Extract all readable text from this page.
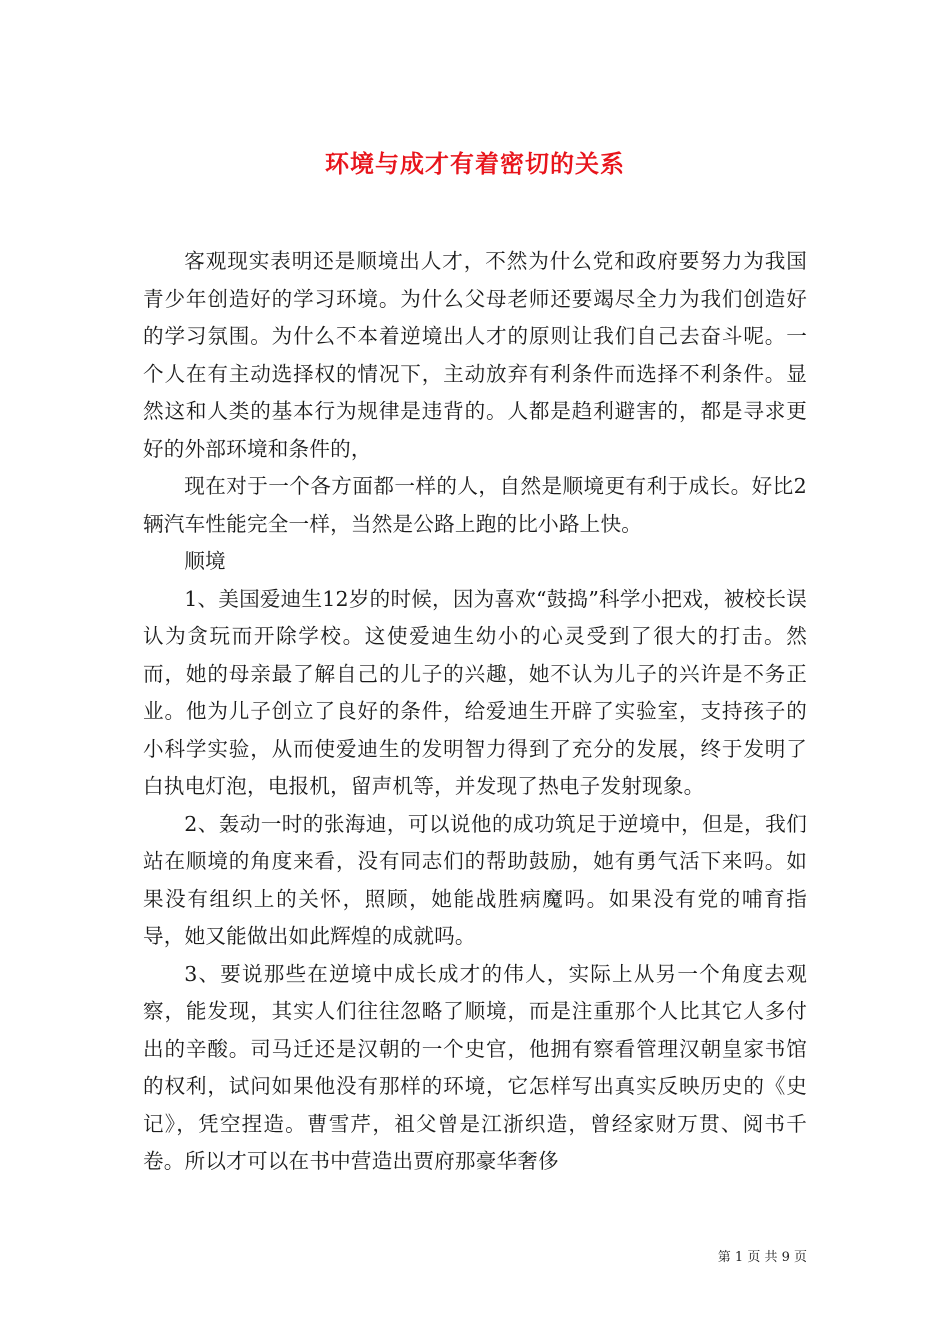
环境与成才有着密切的关系

客观现实表明还是顺境出人才，不然为什么党和政府要努力为我国青少年创造好的学习环境。为什么父母老师还要竭尽全力为我们创造好的学习氛围。为什么不本着逆境出人才的原则让我们自己去奋斗呢。一个人在有主动选择权的情况下，主动放弃有利条件而选择不利条件。显然这和人类的基本行为规律是违背的。人都是趋利避害的，都是寻求更好的外部环境和条件的，

现在对于一个各方面都一样的人，自然是顺境更有利于成长。好比2辆汽车性能完全一样，当然是公路上跑的比小路上快。

顺境

1、美国爱迪生12岁的时候，因为喜欢“鼓捣”科学小把戏，被校长误认为贪玩而开除学校。这使爱迪生幼小的心灵受到了很大的打击。然而，她的母亲最了解自己的儿子的兴趣，她不认为儿子的兴许是不务正业。他为儿子创立了良好的条件，给爱迪生开辟了实验室，支持孩子的小科学实验，从而使爱迪生的发明智力得到了充分的发展，终于发明了白执电灯泡，电报机，留声机等，并发现了热电子发射现象。

2、轰动一时的张海迪，可以说他的成功筑足于逆境中，但是，我们站在顺境的角度来看，没有同志们的帮助鼓励，她有勇气活下来吗。如果没有组织上的关怀，照顾，她能战胜病魔吗。如果没有党的哺育指导，她又能做出如此辉煌的成就吗。

3、要说那些在逆境中成长成才的伟人，实际上从另一个角度去观察，能发现，其实人们往往忽略了顺境，而是注重那个人比其它人多付出的辛酸。司马迁还是汉朝的一个史官，他拥有察看管理汉朝皇家书馆的权利，试问如果他没有那样的环境，它怎样写出真实反映历史的《史记》，凭空捏造。曹雪芹，祖父曾是江浙织造，曾经家财万贯、阅书千卷。所以才可以在书中营造出贾府那豪华奢侈

第 1 页 共 9 页
